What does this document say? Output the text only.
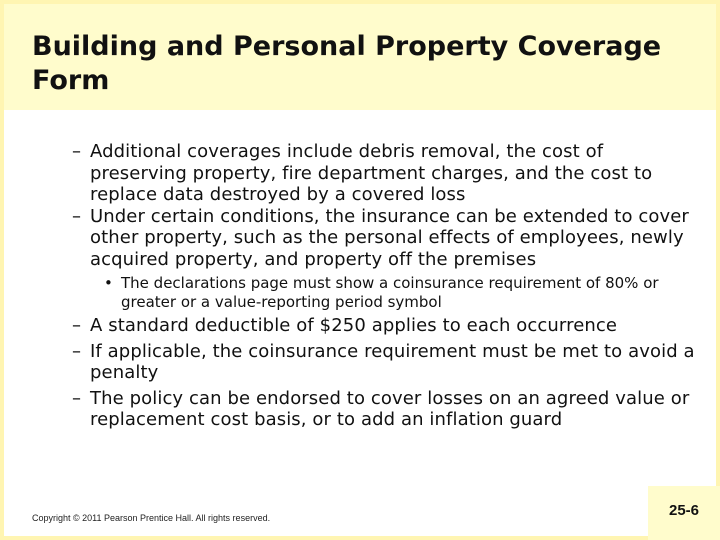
Building and Personal Property Coverage Form
– Additional coverages include debris removal, the cost of preserving property, fire department charges, and the cost to replace data destroyed by a covered loss
– Under certain conditions, the insurance can be extended to cover other property, such as the personal effects of employees, newly acquired property, and property off the premises
• The declarations page must show a coinsurance requirement of 80% or greater or a value-reporting period symbol
– A standard deductible of $250 applies to each occurrence
– If applicable, the coinsurance requirement must be met to avoid a penalty
– The policy can be endorsed to cover losses on an agreed value or replacement cost basis, or to add an inflation guard
Copyright © 2011 Pearson Prentice Hall. All rights reserved.	25-6
